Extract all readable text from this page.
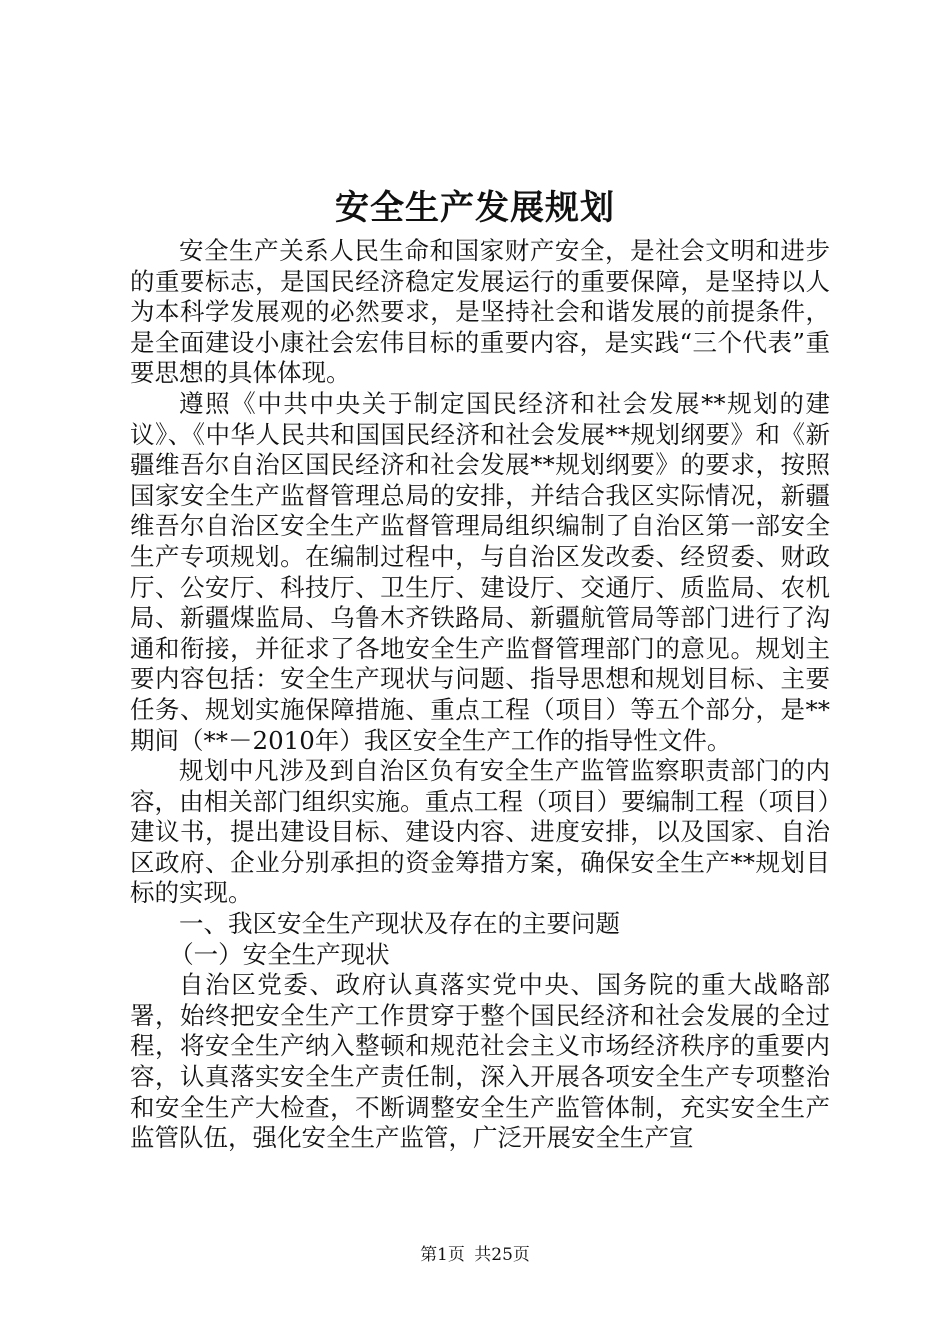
安全生产发展规划

安全生产关系人民生命和国家财产安全，是社会文明和进步的重要标志，是国民经济稳定发展运行的重要保障，是坚持以人为本科学发展观的必然要求，是坚持社会和谐发展的前提条件，是全面建设小康社会宏伟目标的重要内容，是实践“三个代表”重要思想的具体体现。

遵照《中共中央关于制定国民经济和社会发展**规划的建议》、《中华人民共和国国民经济和社会发展**规划纲要》和《新疆维吾尔自治区国民经济和社会发展**规划纲要》的要求，按照国家安全生产监督管理总局的安排，并结合我区实际情况，新疆维吾尔自治区安全生产监督管理局组织编制了自治区第一部安全生产专项规划。在编制过程中，与自治区发改委、经贸委、财政厅、公安厅、科技厅、卫生厅、建设厅、交通厅、质监局、农机局、新疆煤监局、乌鲁木齐铁路局、新疆航管局等部门进行了沟通和衔接，并征求了各地安全生产监督管理部门的意见。规划主要内容包括：安全生产现状与问题、指导思想和规划目标、主要任务、规划实施保障措施、重点工程（项目）等五个部分，是**期间（**－2010年）我区安全生产工作的指导性文件。

规划中凡涉及到自治区负有安全生产监管监察职责部门的内容，由相关部门组织实施。重点工程（项目）要编制工程（项目）建议书，提出建设目标、建设内容、进度安排，以及国家、自治区政府、企业分别承担的资金筹措方案，确保安全生产**规划目标的实现。

一、我区安全生产现状及存在的主要问题

（一）安全生产现状

自治区党委、政府认真落实党中央、国务院的重大战略部署，始终把安全生产工作贯穿于整个国民经济和社会发展的全过程，将安全生产纳入整顿和规范社会主义市场经济秩序的重要内容，认真落实安全生产责任制，深入开展各项安全生产专项整治和安全生产大检查，不断调整安全生产监管体制，充实安全生产监管队伍，强化安全生产监管，广泛开展安全生产宣

第1页 共25页
